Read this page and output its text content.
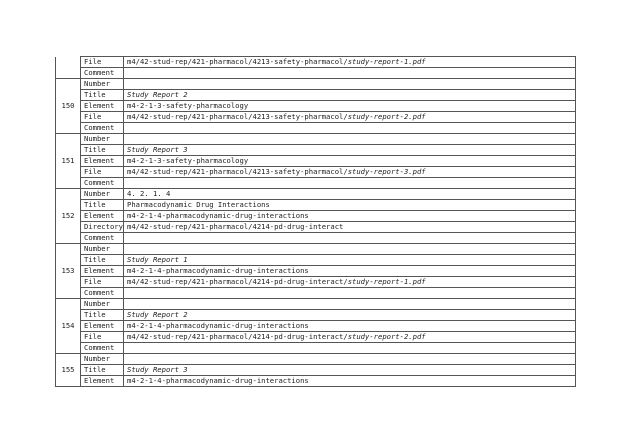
	File	m4/42-stud-rep/421-pharmacol/4213-safety-pharmacol/study-report-1.pdf
	Comment	
150	Number	
	Title	Study Report 2
	Element	m4-2-1-3-safety-pharmacology
	File	m4/42-stud-rep/421-pharmacol/4213-safety-pharmacol/study-report-2.pdf
	Comment	
151	Number	
	Title	Study Report 3
	Element	m4-2-1-3-safety-pharmacology
	File	m4/42-stud-rep/421-pharmacol/4213-safety-pharmacol/study-report-3.pdf
	Comment	
152	Number	4. 2. 1. 4
	Title	Pharmacodynamic Drug Interactions
	Element	m4-2-1-4-pharmacodynamic-drug-interactions
	Directory	m4/42-stud-rep/421-pharmacol/4214-pd-drug-interact
	Comment	
153	Number	
	Title	Study Report 1
	Element	m4-2-1-4-pharmacodynamic-drug-interactions
	File	m4/42-stud-rep/421-pharmacol/4214-pd-drug-interact/study-report-1.pdf
	Comment	
154	Number	
	Title	Study Report 2
	Element	m4-2-1-4-pharmacodynamic-drug-interactions
	File	m4/42-stud-rep/421-pharmacol/4214-pd-drug-interact/study-report-2.pdf
	Comment	
155	Number	
	Title	Study Report 3
	Element	m4-2-1-4-pharmacodynamic-drug-interactions
